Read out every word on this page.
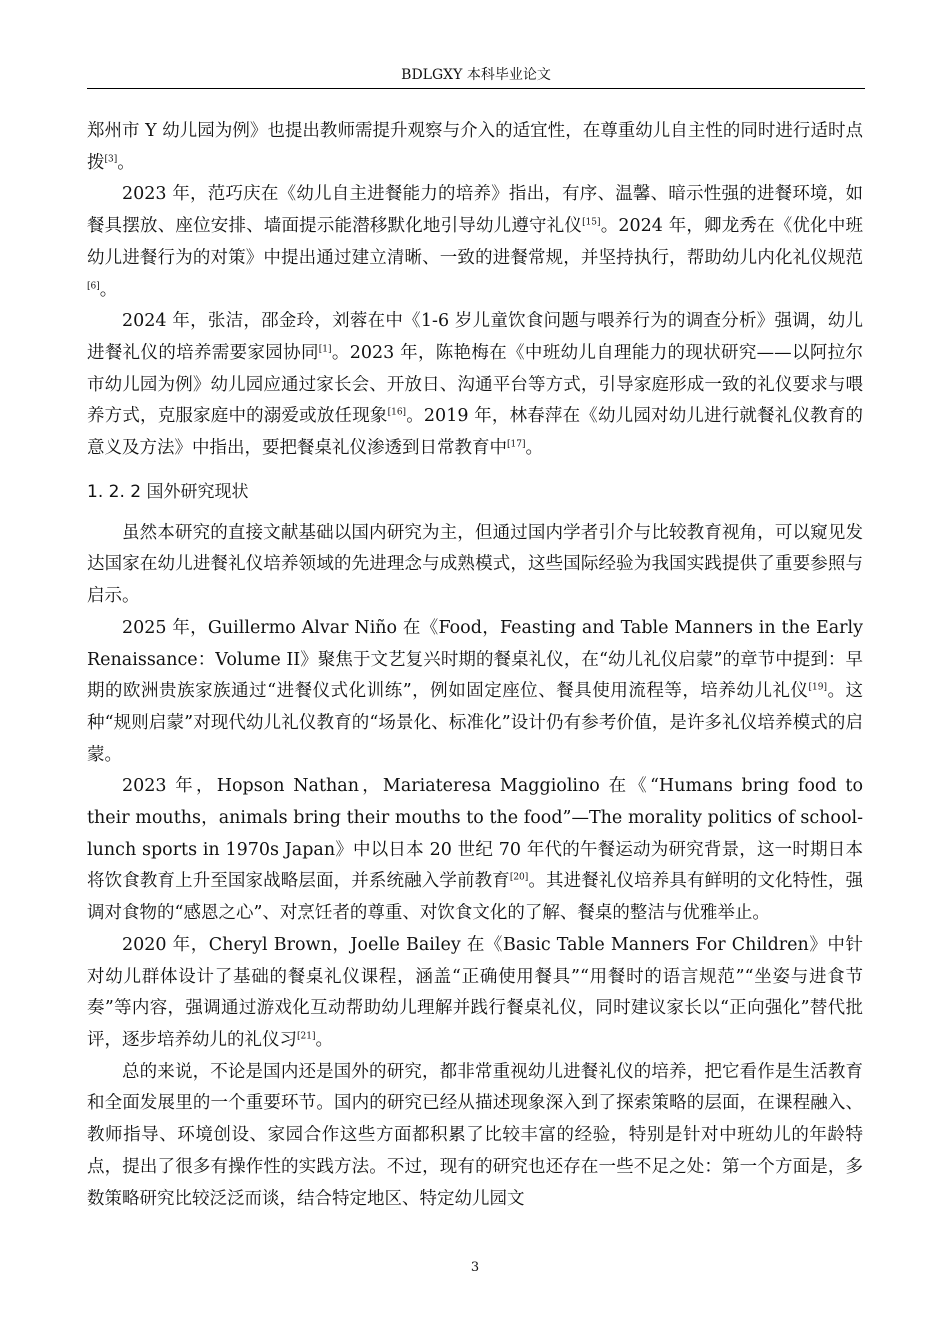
BDLGXY 本科毕业论文

郑州市 Y 幼儿园为例》也提出教师需提升观察与介入的适宜性，在尊重幼儿自主性的同时进行适时点拨[3]。

2023 年，范巧庆在《幼儿自主进餐能力的培养》指出，有序、温馨、暗示性强的进餐环境，如餐具摆放、座位安排、墙面提示能潜移默化地引导幼儿遵守礼仪[15]。2024 年，卿龙秀在《优化中班幼儿进餐行为的对策》中提出通过建立清晰、一致的进餐常规，并坚持执行，帮助幼儿内化礼仪规范[6]。

2024 年，张洁，邵金玲，刘蓉在中《1-6 岁儿童饮食问题与喂养行为的调查分析》强调，幼儿进餐礼仪的培养需要家园协同[1]。2023 年，陈艳梅在《中班幼儿自理能力的现状研究——以阿拉尔市幼儿园为例》幼儿园应通过家长会、开放日、沟通平台等方式，引导家庭形成一致的礼仪要求与喂养方式，克服家庭中的溺爱或放任现象[16]。2019 年，林春萍在《幼儿园对幼儿进行就餐礼仪教育的意义及方法》中指出，要把餐桌礼仪渗透到日常教育中[17]。

1. 2. 2 国外研究现状

虽然本研究的直接文献基础以国内研究为主，但通过国内学者引介与比较教育视角，可以窥见发达国家在幼儿进餐礼仪培养领域的先进理念与成熟模式，这些国际经验为我国实践提供了重要参照与启示。

2025 年，Guillermo Alvar Niño 在《Food，Feasting and Table Manners in the Early Renaissance：Volume II》聚焦于文艺复兴时期的餐桌礼仪，在“幼儿礼仪启蒙”的章节中提到：早期的欧洲贵族家族通过“进餐仪式化训练”，例如固定座位、餐具使用流程等，培养幼儿礼仪[19]。这种“规则启蒙”对现代幼儿礼仪教育的“场景化、标准化”设计仍有参考价值，是许多礼仪培养模式的启蒙。

2023 年，Hopson Nathan，Mariateresa Maggiolino 在《“Humans bring food to their mouths，animals bring their mouths to the food”—The morality politics of school-lunch sports in 1970s Japan》中以日本 20 世纪 70 年代的午餐运动为研究背景，这一时期日本将饮食教育上升至国家战略层面，并系统融入学前教育[20]。其进餐礼仪培养具有鲜明的文化特性，强调对食物的“感恩之心”、对烹饪者的尊重、对饮食文化的了解、餐桌的整洁与优雅举止。

2020 年，Cheryl Brown，Joelle Bailey 在《Basic Table Manners For Children》中针对幼儿群体设计了基础的餐桌礼仪课程，涵盖“正确使用餐具”“用餐时的语言规范”“坐姿与进食节奏”等内容，强调通过游戏化互动帮助幼儿理解并践行餐桌礼仪，同时建议家长以“正向强化”替代批评，逐步培养幼儿的礼仪习[21]。

总的来说，不论是国内还是国外的研究，都非常重视幼儿进餐礼仪的培养，把它看作是生活教育和全面发展里的一个重要环节。国内的研究已经从描述现象深入到了探索策略的层面，在课程融入、教师指导、环境创设、家园合作这些方面都积累了比较丰富的经验，特别是针对中班幼儿的年龄特点，提出了很多有操作性的实践方法。不过，现有的研究也还存在一些不足之处：第一个方面是，多数策略研究比较泛泛而谈，结合特定地区、特定幼儿园文

3
